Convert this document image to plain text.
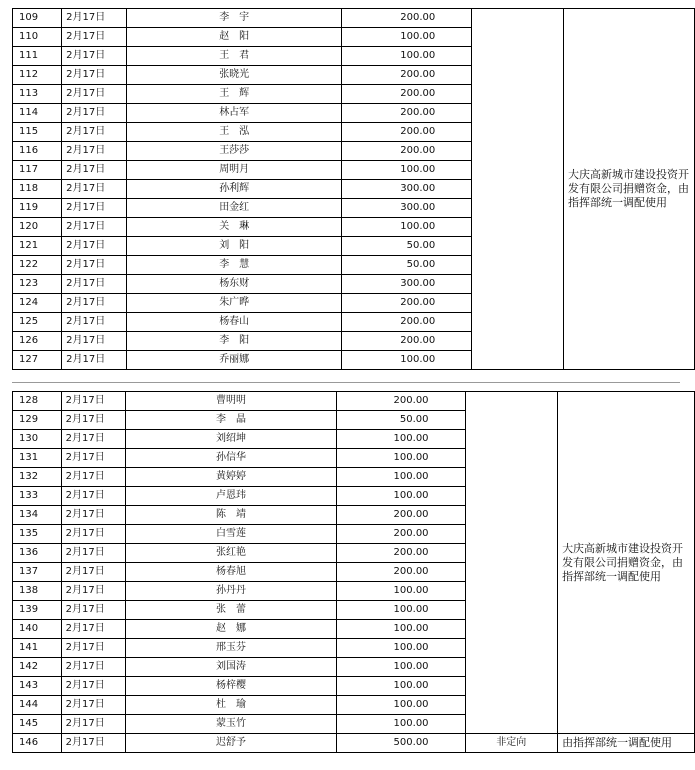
109	2月17日	李　宇	200.00		大庆高新城市建设投资开发有限公司捐赠资金，由指挥部统一调配使用
110	2月17日	赵　阳	100.00		
111	2月17日	王　君	100.00		
112	2月17日	张晓光	200.00		
113	2月17日	王　辉	200.00		
114	2月17日	林占军	200.00		
115	2月17日	王　泓	200.00		
116	2月17日	王莎莎	200.00		
117	2月17日	周明月	100.00		
118	2月17日	孙利辉	300.00		
119	2月17日	田金红	300.00		
120	2月17日	关　琳	100.00		
121	2月17日	刘　阳	50.00		
122	2月17日	李　慧	50.00		
123	2月17日	杨东财	300.00		
124	2月17日	朱广晔	200.00		
125	2月17日	杨春山	200.00		
126	2月17日	李　阳	200.00		
127	2月17日	乔丽娜	100.00		
128	2月17日	曹明明	200.00		大庆高新城市建设投资开发有限公司捐赠资金，由指挥部统一调配使用
129	2月17日	李　晶	50.00		
130	2月17日	刘绍坤	100.00		
131	2月17日	孙信华	100.00		
132	2月17日	黄婷婷	100.00		
133	2月17日	卢恩玮	100.00		
134	2月17日	陈　靖	200.00		
135	2月17日	白雪莲	200.00		
136	2月17日	张红艳	200.00		
137	2月17日	杨春旭	200.00		
138	2月17日	孙丹丹	100.00		
139	2月17日	张　蕾	100.00		
140	2月17日	赵　娜	100.00		
141	2月17日	邢玉芬	100.00		
142	2月17日	刘国涛	100.00		
143	2月17日	杨梓樱	100.00		
144	2月17日	杜　瑜	100.00		
145	2月17日	蒙玉竹	100.00		
146	2月17日	迟舒予	500.00	非定向	由指挥部统一调配使用
